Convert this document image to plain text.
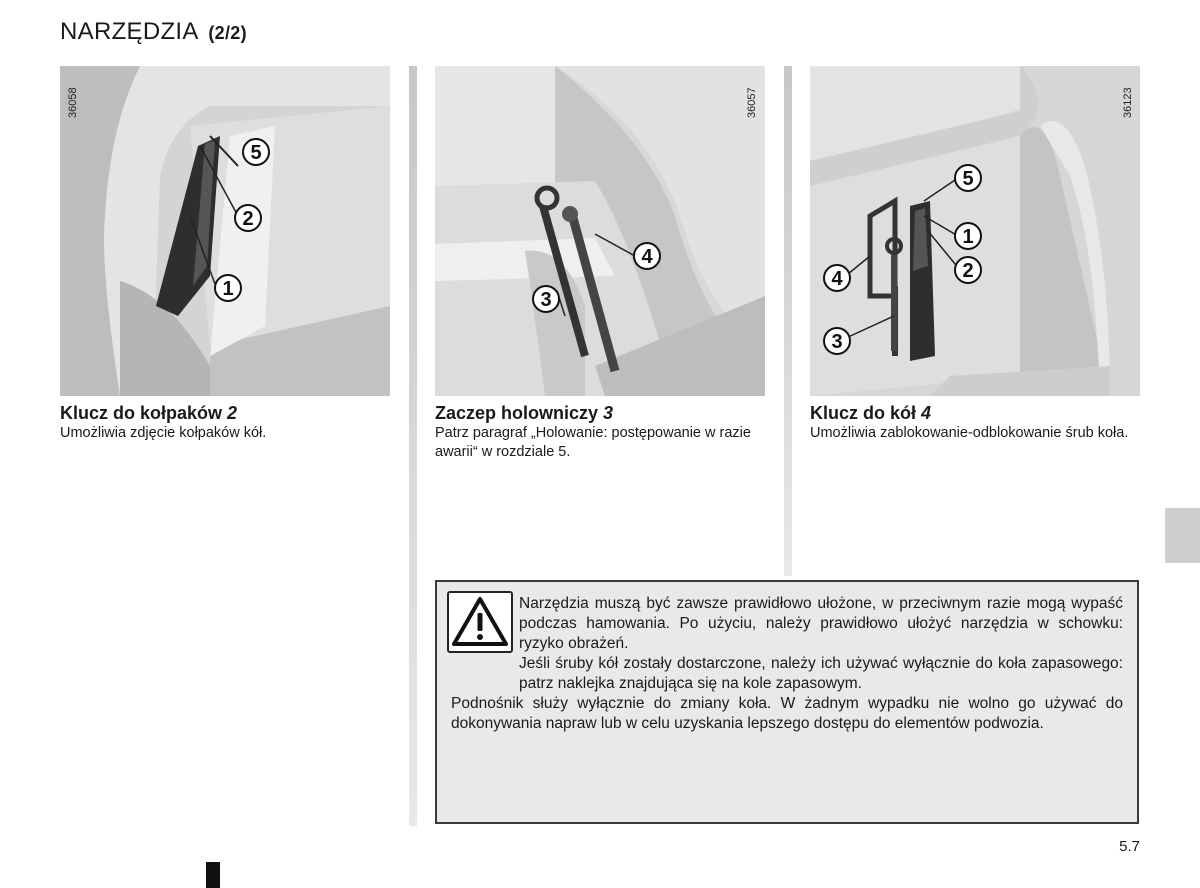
NARZĘDZIA (2/2)
5
2
1
36058
4
3
36057
5
1
2
4
3
36123
Klucz do kołpaków 2

Umożliwia zdjęcie kołpaków kół.

Zaczep holowniczy 3

Patrz paragraf „Holowanie: postępowanie w razie awarii“ w rozdziale 5.

Klucz do kół 4

Umożliwia zablokowanie-odblokowanie śrub koła.

Narzędzia muszą być zawsze prawidłowo ułożone, w przeciwnym razie mogą wypaść podczas hamowania. Po użyciu, należy prawidłowo ułożyć narzędzia w schowku: ryzyko obrażeń.

Jeśli śruby kół zostały dostarczone, należy ich używać wyłącznie do koła zapasowego: patrz naklejka znajdująca się na kole zapasowym.

Podnośnik służy wyłącznie do zmiany koła. W żadnym wypadku nie wolno go używać do dokonywania napraw lub w celu uzyskania lepszego dostępu do elementów podwozia.

5.7
